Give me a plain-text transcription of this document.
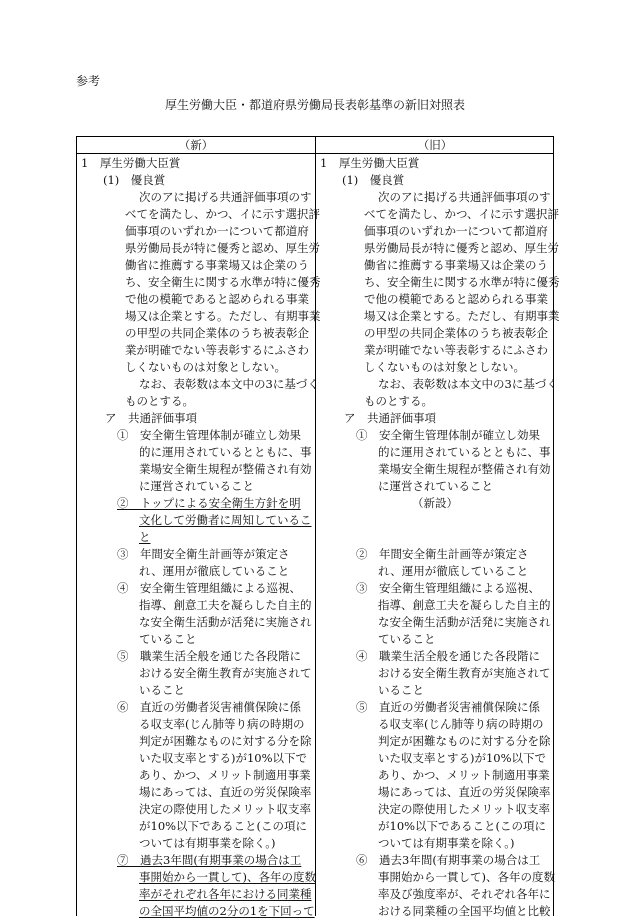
参考
厚生労働大臣・都道府県労働局長表彰基準の新旧対照表
（新）	（旧）
1　厚生労働大臣賞
(1)　優良賞
次のアに掲げる共通評価事項のす
べてを満たし、かつ、イに示す選択評
価事項のいずれか一について都道府
県労働局長が特に優秀と認め、厚生労
働省に推薦する事業場又は企業のう
ち、安全衛生に関する水準が特に優秀
で他の模範であると認められる事業
場又は企業とする。ただし、有期事業
の甲型の共同企業体のうち被表彰企
業が明確でない等表彰するにふさわ
しくないものは対象としない。
なお、表彰数は本文中の3に基づく
ものとする。
ア　共通評価事項
①　安全衛生管理体制が確立し効果
的に運用されているとともに、事
業場安全衛生規程が整備され有効
に運営されていること
②　トップによる安全衛生方針を明
文化して労働者に周知しているこ
と
③　年間安全衛生計画等が策定さ
れ、運用が徹底していること
④　安全衛生管理組織による巡視、
指導、創意工夫を凝らした自主的
な安全衛生活動が活発に実施され
ていること
⑤　職業生活全般を通じた各段階に
おける安全衛生教育が実施されて
いること
⑥　直近の労働者災害補償保険に係
る収支率(じん肺等り病の時期の
判定が困難なものに対する分を除
いた収支率とする)が10%以下で
あり、かつ、メリット制適用事業
場にあっては、直近の労災保険率
決定の際使用したメリット収支率
が10%以下であること(この項に
ついては有期事業を除く。)
⑦　過去3年間(有期事業の場合は工
事開始から一貫して)、各年の度数
率がそれぞれ各年における同業種
の全国平均値の2分の1を下回って
1　厚生労働大臣賞
(1)　優良賞
次のアに掲げる共通評価事項のす
べてを満たし、かつ、イに示す選択評
価事項のいずれか一について都道府
県労働局長が特に優秀と認め、厚生労
働省に推薦する事業場又は企業のう
ち、安全衛生に関する水準が特に優秀
で他の模範であると認められる事業
場又は企業とする。ただし、有期事業
の甲型の共同企業体のうち被表彰企
業が明確でない等表彰するにふさわ
しくないものは対象としない。
なお、表彰数は本文中の3に基づく
ものとする。
ア　共通評価事項
①　安全衛生管理体制が確立し効果
的に運用されているとともに、事
業場安全衛生規程が整備され有効
に運営されていること
（新設）
②　年間安全衛生計画等が策定さ
れ、運用が徹底していること
③　安全衛生管理組織による巡視、
指導、創意工夫を凝らした自主的
な安全衛生活動が活発に実施され
ていること
④　職業生活全般を通じた各段階に
おける安全衛生教育が実施されて
いること
⑤　直近の労働者災害補償保険に係
る収支率(じん肺等り病の時期の
判定が困難なものに対する分を除
いた収支率とする)が10%以下で
あり、かつ、メリット制適用事業
場にあっては、直近の労災保険率
決定の際使用したメリット収支率
が10%以下であること(この項に
ついては有期事業を除く。)
⑥　過去3年間(有期事業の場合は工
事開始から一貫して)、各年の度数
率及び強度率が、それぞれ各年に
おける同業種の全国平均値と比較
